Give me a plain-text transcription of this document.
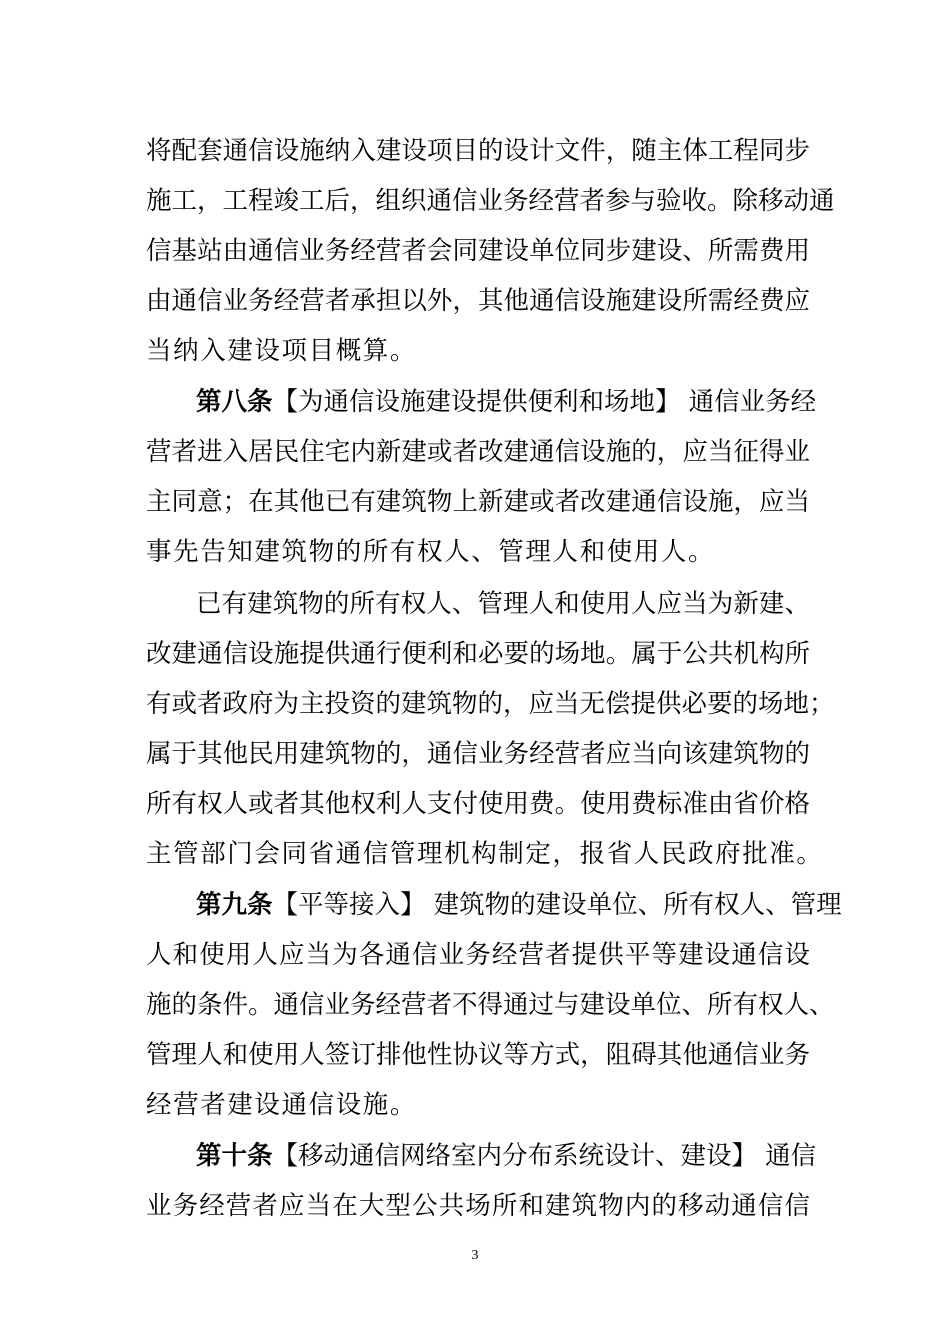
将配套通信设施纳入建设项目的设计文件，随主体工程同步
施工，工程竣工后，组织通信业务经营者参与验收。除移动通
信基站由通信业务经营者会同建设单位同步建设、所需费用
由通信业务经营者承担以外，其他通信设施建设所需经费应
当纳入建设项目概算。
第八条【为通信设施建设提供便利和场地】 通信业务经
营者进入居民住宅内新建或者改建通信设施的，应当征得业
主同意；在其他已有建筑物上新建或者改建通信设施，应当
事先告知建筑物的所有权人、管理人和使用人。
已有建筑物的所有权人、管理人和使用人应当为新建、
改建通信设施提供通行便利和必要的场地。属于公共机构所
有或者政府为主投资的建筑物的，应当无偿提供必要的场地；
属于其他民用建筑物的，通信业务经营者应当向该建筑物的
所有权人或者其他权利人支付使用费。使用费标准由省价格
主管部门会同省通信管理机构制定，报省人民政府批准。
第九条【平等接入】 建筑物的建设单位、所有权人、管理
人和使用人应当为各通信业务经营者提供平等建设通信设
施的条件。通信业务经营者不得通过与建设单位、所有权人、
管理人和使用人签订排他性协议等方式，阻碍其他通信业务
经营者建设通信设施。
第十条【移动通信网络室内分布系统设计、建设】 通信
业务经营者应当在大型公共场所和建筑物内的移动通信信
3
